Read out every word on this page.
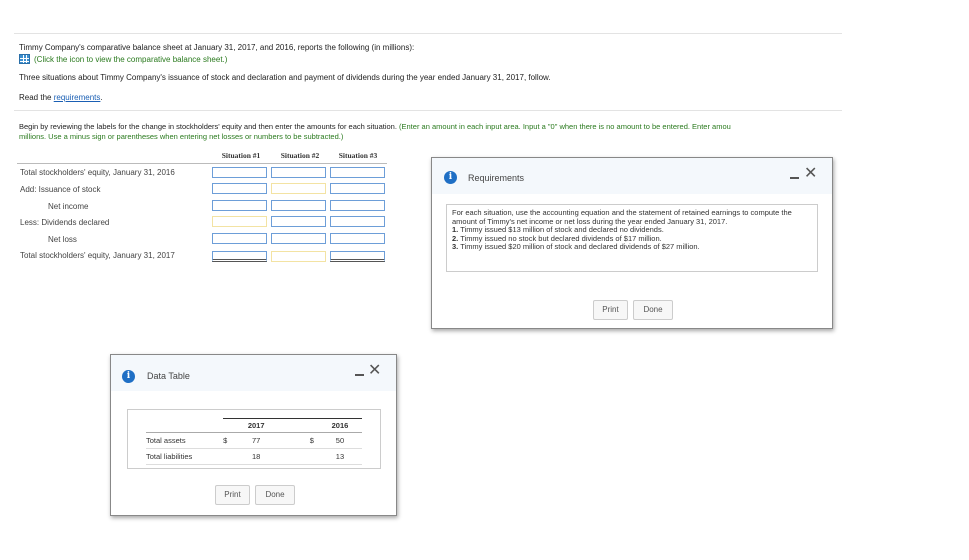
Timmy Company's comparative balance sheet at January 31, 2017, and 2016, reports the following (in millions):
(Click the icon to view the comparative balance sheet.)
Three situations about Timmy Company's issuance of stock and declaration and payment of dividends during the year ended January 31, 2017, follow.
Read the requirements.
Begin by reviewing the labels for the change in stockholders' equity and then enter the amounts for each situation. (Enter an amount in each input area. Input a "0" when there is no amount to be entered. Enter amou
millions. Use a minus sign or parentheses when entering net losses or numbers to be subtracted.)
Situation #1	Situation #2	Situation #3
Total stockholders' equity, January 31, 2016
Add: Issuance of stock
Net income
Less: Dividends declared
Net loss
Total stockholders' equity, January 31, 2017
i	Requirements	✕
For each situation, use the accounting equation and the statement of retained earnings to compute the amount of Timmy's net income or net loss during the year ended January 31, 2017.
1. Timmy issued $13 million of stock and declared no dividends.
2. Timmy issued no stock but declared dividends of $17 million.
3. Timmy issued $20 million of stock and declared dividends of $27 million.
Print	Done
i	Data Table	✕
		2017		2016
Total assets	$	77	$	50
Total liabilities		18		13
Print	Done
